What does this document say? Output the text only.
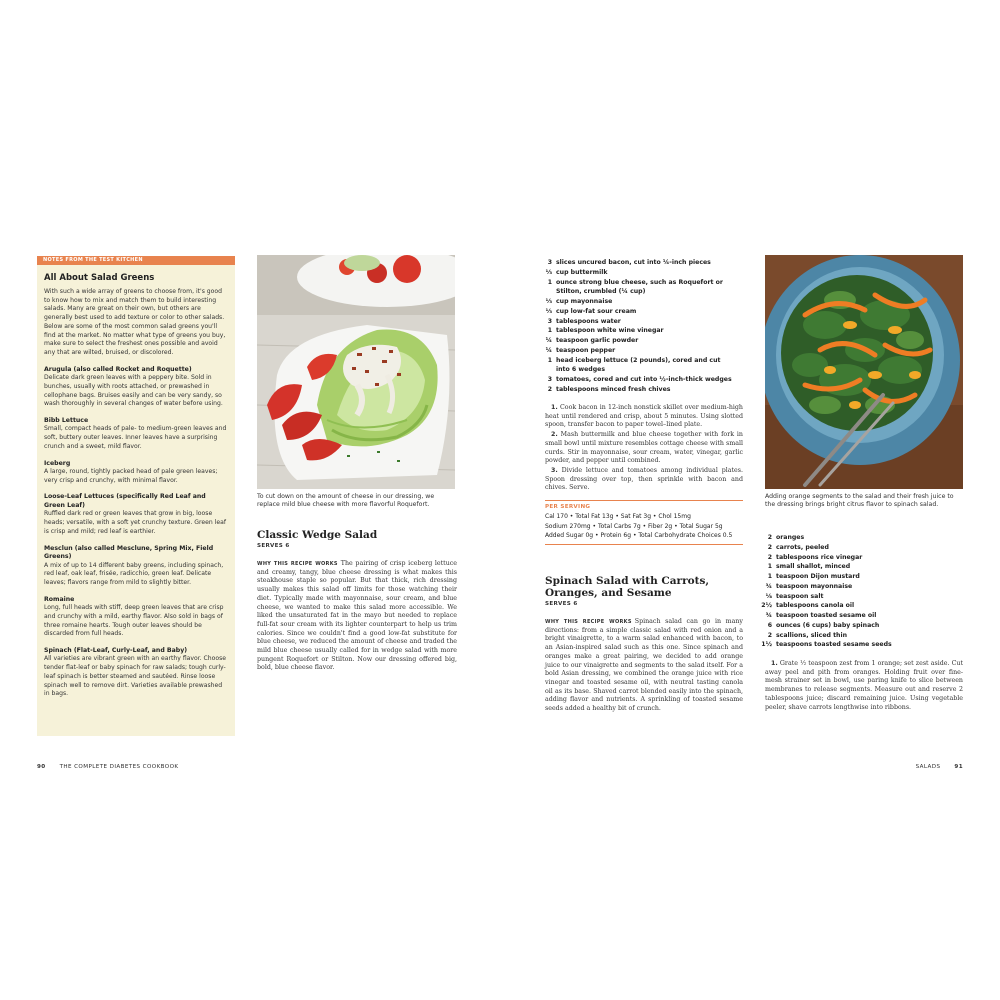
NOTES FROM THE TEST KITCHEN
All About Salad Greens
With such a wide array of greens to choose from, it's good to know how to mix and match them to build interesting salads. Many are great on their own, but others are generally best used to add texture or color to other salads. Below are some of the most common salad greens you'll find at the market. No matter what type of greens you buy, make sure to select the freshest ones possible and avoid any that are wilted, bruised, or discolored.
Arugula (also called Rocket and Roquette)
Delicate dark green leaves with a peppery bite. Sold in bunches, usually with roots attached, or prewashed in cellophane bags. Bruises easily and can be very sandy, so wash thoroughly in several changes of water before using.
Bibb Lettuce
Small, compact heads of pale- to medium-green leaves and soft, buttery outer leaves. Inner leaves have a surprising crunch and a sweet, mild flavor.
Iceberg
A large, round, tightly packed head of pale green leaves; very crisp and crunchy, with minimal flavor.
Loose-Leaf Lettuces (specifically Red Leaf and Green Leaf)
Ruffled dark red or green leaves that grow in big, loose heads; versatile, with a soft yet crunchy texture. Green leaf is crisp and mild; red leaf is earthier.
Mesclun (also called Mesclune, Spring Mix, Field Greens)
A mix of up to 14 different baby greens, including spinach, red leaf, oak leaf, frisée, radicchio, green leaf. Delicate leaves; flavors range from mild to slightly bitter.
Romaine
Long, full heads with stiff, deep green leaves that are crisp and crunchy with a mild, earthy flavor. Also sold in bags of three romaine hearts. Tough outer leaves should be discarded from full heads.
Spinach (Flat-Leaf, Curly-Leaf, and Baby)
All varieties are vibrant green with an earthy flavor. Choose tender flat-leaf or baby spinach for raw salads; tough curly-leaf spinach is better steamed and sautéed. Rinse loose spinach well to remove dirt. Varieties available prewashed in bags.
To cut down on the amount of cheese in our dressing, we replace mild blue cheese with more flavorful Roquefort.
Classic Wedge Salad
SERVES 6
WHY THIS RECIPE WORKS The pairing of crisp iceberg lettuce and creamy, tangy, blue cheese dressing is what makes this steakhouse staple so popular. But that thick, rich dressing usually makes this salad off limits for those watching their diet. Typically made with mayonnaise, sour cream, and blue cheese, we wanted to make this salad more accessible. We liked the unsaturated fat in the mayo but needed to replace full-fat sour cream with its lighter counterpart to help us trim calories. Since we couldn't find a good low-fat substitute for blue cheese, we reduced the amount of cheese and traded the mild blue cheese usually called for in wedge salad with more pungent Roquefort or Stilton. Now our dressing offered big, bold, blue cheese flavor.
3 slices uncured bacon, cut into ¼-inch pieces
⅓ cup buttermilk
1 ounce strong blue cheese, such as Roquefort or
Stilton, crumbled (¼ cup)
⅓ cup mayonnaise
⅓ cup low-fat sour cream
3 tablespoons water
1 tablespoon white wine vinegar
¼ teaspoon garlic powder
¼ teaspoon pepper
1 head iceberg lettuce (2 pounds), cored and cut
into 6 wedges
3 tomatoes, cored and cut into ½-inch-thick wedges
2 tablespoons minced fresh chives

1. Cook bacon in 12-inch nonstick skillet over medium-high heat until rendered and crisp, about 5 minutes. Using slotted spoon, transfer bacon to paper towel–lined plate.

2. Mash buttermilk and blue cheese together with fork in small bowl until mixture resembles cottage cheese with small curds. Stir in mayonnaise, sour cream, water, vinegar, garlic powder, and pepper until combined.

3. Divide lettuce and tomatoes among individual plates. Spoon dressing over top, then sprinkle with bacon and chives. Serve.

PER SERVING
Cal 170 • Total Fat 13g • Sat Fat 3g • Chol 15mg
Sodium 270mg • Total Carbs 7g • Fiber 2g • Total Sugar 5g
Added Sugar 0g • Protein 6g • Total Carbohydrate Choices 0.5
Spinach Salad with Carrots, Oranges, and Sesame
SERVES 6
WHY THIS RECIPE WORKS Spinach salad can go in many directions: from a simple classic salad with red onion and a bright vinaigrette, to a warm salad enhanced with bacon, to an Asian-inspired salad such as this one. Since spinach and oranges make a great pairing, we decided to add orange juice to our vinaigrette and segments to the salad itself. For a bold Asian dressing, we combined the orange juice with rice vinegar and toasted sesame oil, with neutral tasting canola oil as its base. Shaved carrot blended easily into the spinach, adding flavor and nutrients. A sprinkling of toasted sesame seeds added a healthy bit of crunch.
Adding orange segments to the salad and their fresh juice to the dressing brings bright citrus flavor to spinach salad.
2 oranges
2 carrots, peeled
2 tablespoons rice vinegar
1 small shallot, minced
1 teaspoon Dijon mustard
¾ teaspoon mayonnaise
⅛ teaspoon salt
2½ tablespoons canola oil
¾ teaspoon toasted sesame oil
6 ounces (6 cups) baby spinach
2 scallions, sliced thin
1½ teaspoons toasted sesame seeds

1. Grate ½ teaspoon zest from 1 orange; set zest aside. Cut away peel and pith from oranges. Holding fruit over fine-mesh strainer set in bowl, use paring knife to slice between membranes to release segments. Measure out and reserve 2 tablespoons juice; discard remaining juice. Using vegetable peeler, shave carrots lengthwise into ribbons.

90	THE COMPLETE DIABETES COOKBOOK	SALADS	91
